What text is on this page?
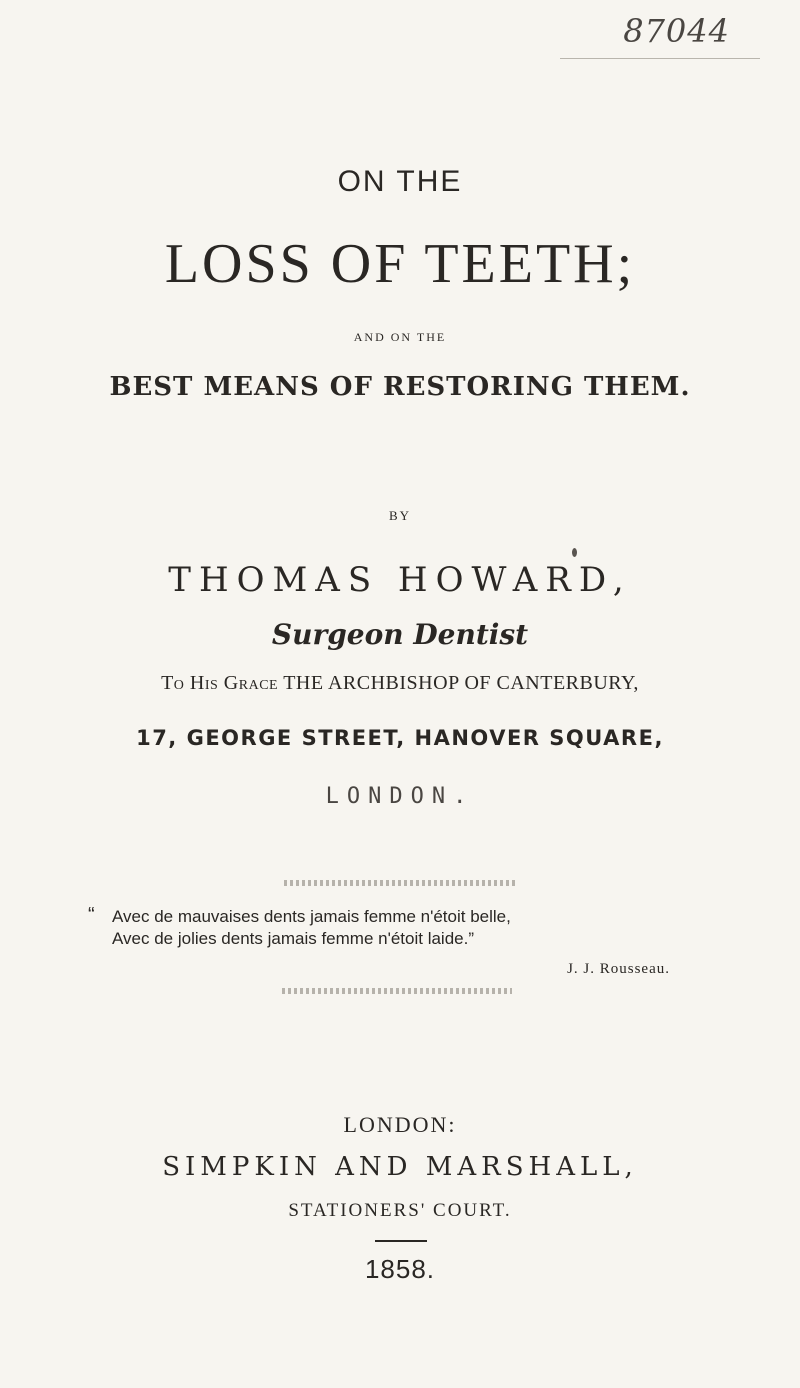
87044
ON THE
LOSS OF TEETH;
AND ON THE
BEST MEANS OF RESTORING THEM.
BY
THOMAS HOWARD,
Surgeon Dentist
To His Grace THE ARCHBISHOP OF CANTERBURY,
17, GEORGE STREET, HANOVER SQUARE,
LONDON.
“	Avec de mauvaises dents jamais femme n'étoit belle,
Avec de jolies dents jamais femme n'étoit laide.”
J. J. Rousseau.
LONDON:
SIMPKIN AND MARSHALL,
STATIONERS' COURT.
1858.
